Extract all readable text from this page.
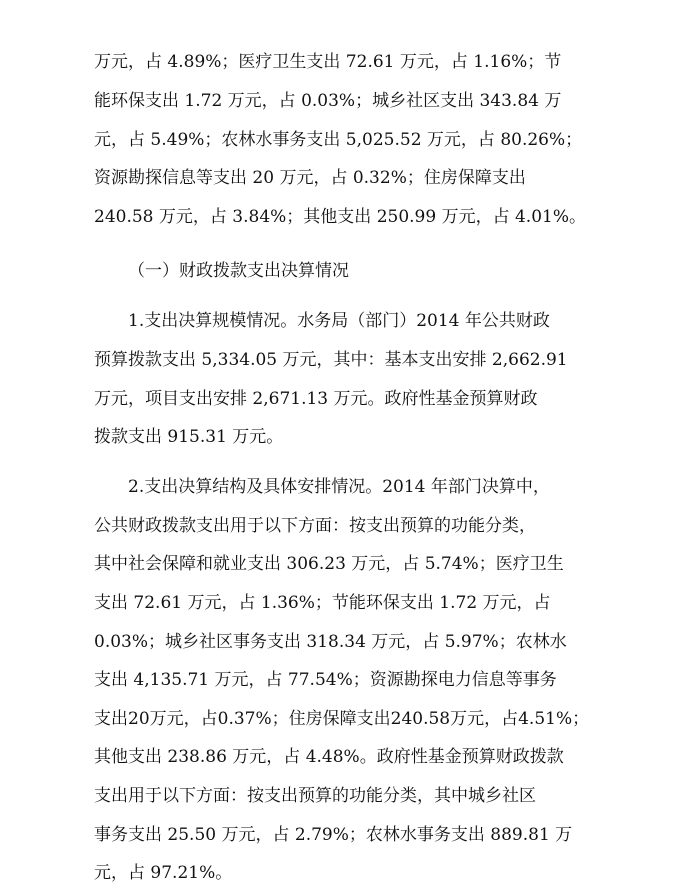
万元，占 4.89%；医疗卫生支出 72.61 万元，占 1.16%；节
能环保支出 1.72 万元，占 0.03%；城乡社区支出 343.84 万
元，占 5.49%；农林水事务支出 5,025.52 万元，占 80.26%；
资源勘探信息等支出 20 万元，占 0.32%；住房保障支出
240.58 万元，占 3.84%；其他支出 250.99 万元，占 4.01%。
（一）财政拨款支出决算情况
1.支出决算规模情况。水务局（部门）2014 年公共财政
预算拨款支出 5,334.05 万元，其中：基本支出安排 2,662.91
万元，项目支出安排 2,671.13 万元。政府性基金预算财政
拨款支出 915.31 万元。
2.支出决算结构及具体安排情况。2014 年部门决算中，
公共财政拨款支出用于以下方面：按支出预算的功能分类，
其中社会保障和就业支出 306.23 万元，占 5.74%；医疗卫生
支出 72.61 万元，占 1.36%；节能环保支出 1.72 万元，占
0.03%；城乡社区事务支出 318.34 万元，占 5.97%；农林水
支出 4,135.71 万元，占 77.54%；资源勘探电力信息等事务
支出20万元，占0.37%；住房保障支出240.58万元，占4.51%；
其他支出 238.86 万元，占 4.48%。政府性基金预算财政拨款
支出用于以下方面：按支出预算的功能分类，其中城乡社区
事务支出 25.50 万元，占 2.79%；农林水事务支出 889.81 万
元，占 97.21%。
